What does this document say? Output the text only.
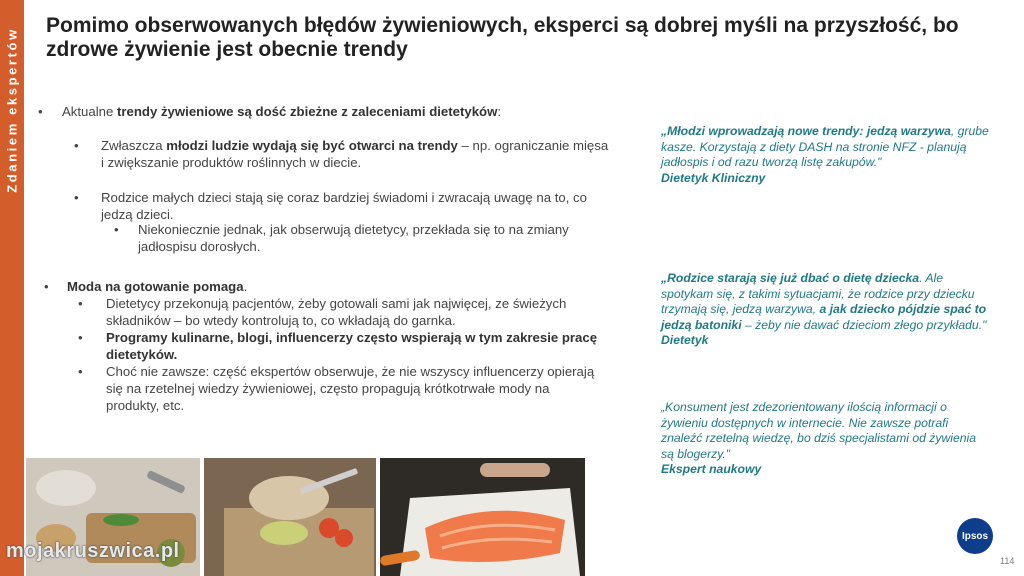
Zdaniem ekspertów
Pomimo obserwowanych błędów żywieniowych, eksperci są dobrej myśli na przyszłość, bo zdrowe żywienie jest obecnie trendy
•	Aktualne trendy żywieniowe są dość zbieżne z zaleceniami dietetyków:
•	Zwłaszcza młodzi ludzie wydają się być otwarci na trendy – np. ograniczanie mięsa i zwiększanie produktów roślinnych w diecie.
•	Rodzice małych dzieci stają się coraz bardziej świadomi i zwracają uwagę na to, co jedzą dzieci.
•	Niekoniecznie jednak, jak obserwują dietetycy, przekłada się to na zmiany jadłospisu dorosłych.
•	Moda na gotowanie pomaga.
•	Dietetycy przekonują pacjentów, żeby gotowali sami jak najwięcej, ze świeżych składników – bo wtedy kontrolują to, co wkładają do garnka.
•	Programy kulinarne, blogi, influencerzy często wspierają w tym zakresie pracę dietetyków.
•	Choć nie zawsze: część ekspertów obserwuje, że nie wszyscy influencerzy opierają się na rzetelnej wiedzy żywieniowej, często propagują krótkotrwałe mody na produkty, etc.
„Młodzi wprowadzają nowe trendy: jedzą warzywa, grube kasze. Korzystają z diety DASH na stronie NFZ - planują jadłospis i od razu tworzą listę zakupów."
Dietetyk Kliniczny
„Rodzice starają się już dbać o dietę dziecka. Ale spotykam się, z takimi sytuacjami, że rodzice przy dziecku trzymają się, jedzą warzywa, a jak dziecko pójdzie spać to jedzą batoniki – żeby nie dawać dzieciom złego przykładu."
Dietetyk
„Konsument jest zdezorientowany ilością informacji o żywieniu dostępnych w internecie. Nie zawsze potrafi znaleźć rzetelną wiedzę, bo dziś specjalistami od żywienia są blogerzy."
Ekspert naukowy
mojakruszwica.pl
Ipsos
114
